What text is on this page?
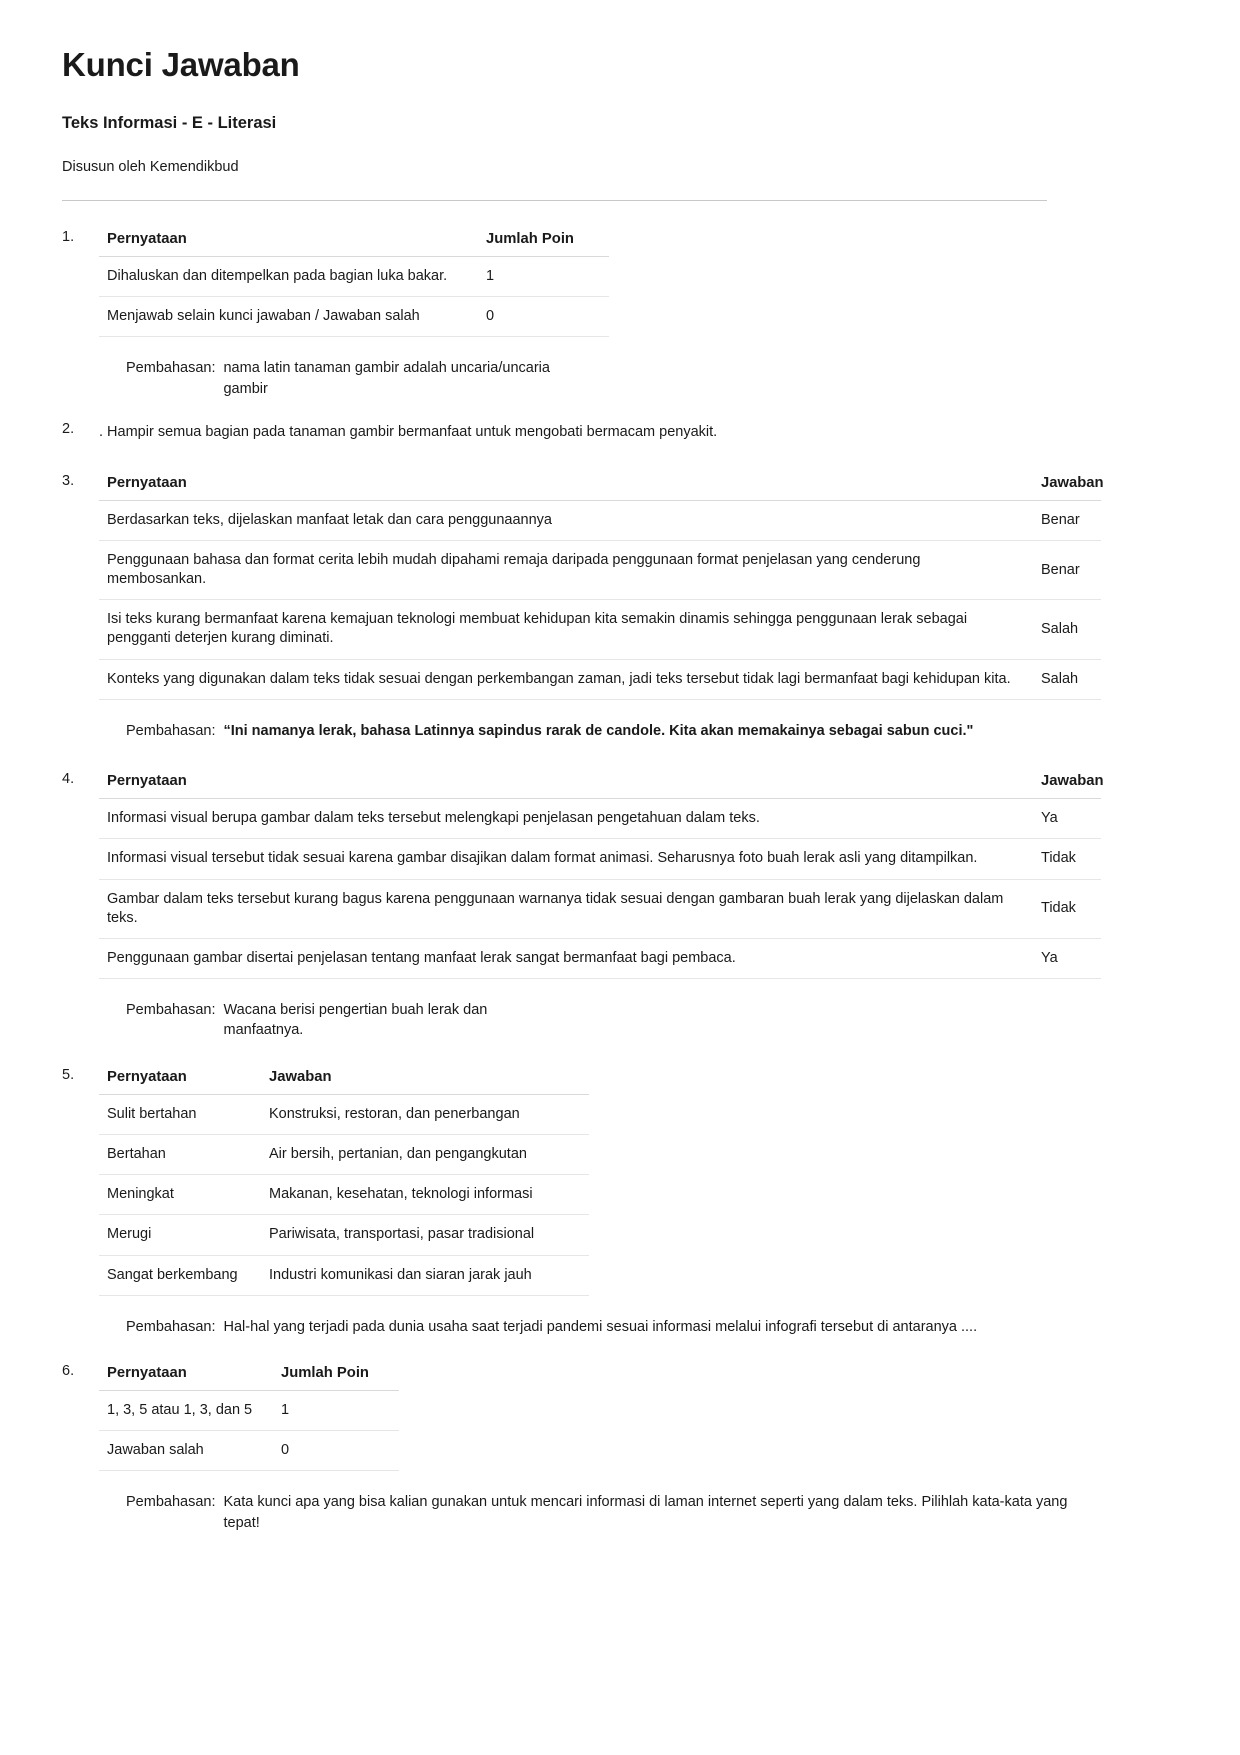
Kunci Jawaban
Teks Informasi - E - Literasi
Disusun oleh Kemendikbud
1.	Pernyataan	Jumlah Poin
Dihaluskan dan ditempelkan pada bagian luka bakar.	1
Menjawab selain kunci jawaban / Jawaban salah	0
Pembahasan: nama latin tanaman gambir adalah uncaria/uncaria gambir
2.	. Hampir semua bagian pada tanaman gambir bermanfaat untuk mengobati bermacam penyakit.
3.	Pernyataan	Jawaban
Berdasarkan teks, dijelaskan manfaat letak dan cara penggunaannya	Benar
Penggunaan bahasa dan format cerita lebih mudah dipahami remaja daripada penggunaan format penjelasan yang cenderung membosankan.	Benar
Isi teks kurang bermanfaat karena kemajuan teknologi membuat kehidupan kita semakin dinamis sehingga penggunaan lerak sebagai pengganti deterjen kurang diminati.	Salah
Konteks yang digunakan dalam teks tidak sesuai dengan perkembangan zaman, jadi teks tersebut tidak lagi bermanfaat bagi kehidupan kita.	Salah
Pembahasan: “Ini namanya lerak, bahasa Latinnya sapindus rarak de candole. Kita akan memakainya sebagai sabun cuci."
4.	Pernyataan	Jawaban
Informasi visual berupa gambar dalam teks tersebut melengkapi penjelasan pengetahuan dalam teks.	Ya
Informasi visual tersebut tidak sesuai karena gambar disajikan dalam format animasi. Seharusnya foto buah lerak asli yang ditampilkan.	Tidak
Gambar dalam teks tersebut kurang bagus karena penggunaan warnanya tidak sesuai dengan gambaran buah lerak yang dijelaskan dalam teks.	Tidak
Penggunaan gambar disertai penjelasan tentang manfaat lerak sangat bermanfaat bagi pembaca.	Ya
Pembahasan: Wacana berisi pengertian buah lerak dan manfaatnya.
5.	Pernyataan	Jawaban
Sulit bertahan	Konstruksi, restoran, dan penerbangan
Bertahan	Air bersih, pertanian, dan pengangkutan
Meningkat	Makanan, kesehatan, teknologi informasi
Merugi	Pariwisata, transportasi, pasar tradisional
Sangat berkembang	Industri komunikasi dan siaran jarak jauh
Pembahasan: Hal-hal yang terjadi pada dunia usaha saat terjadi pandemi sesuai informasi melalui infografi tersebut di antaranya ....
6.	Pernyataan	Jumlah Poin
1, 3, 5 atau 1, 3, dan 5	1
Jawaban salah	0
Pembahasan: Kata kunci apa yang bisa kalian gunakan untuk mencari informasi di laman internet seperti yang dalam teks. Pilihlah kata-kata yang tepat!
